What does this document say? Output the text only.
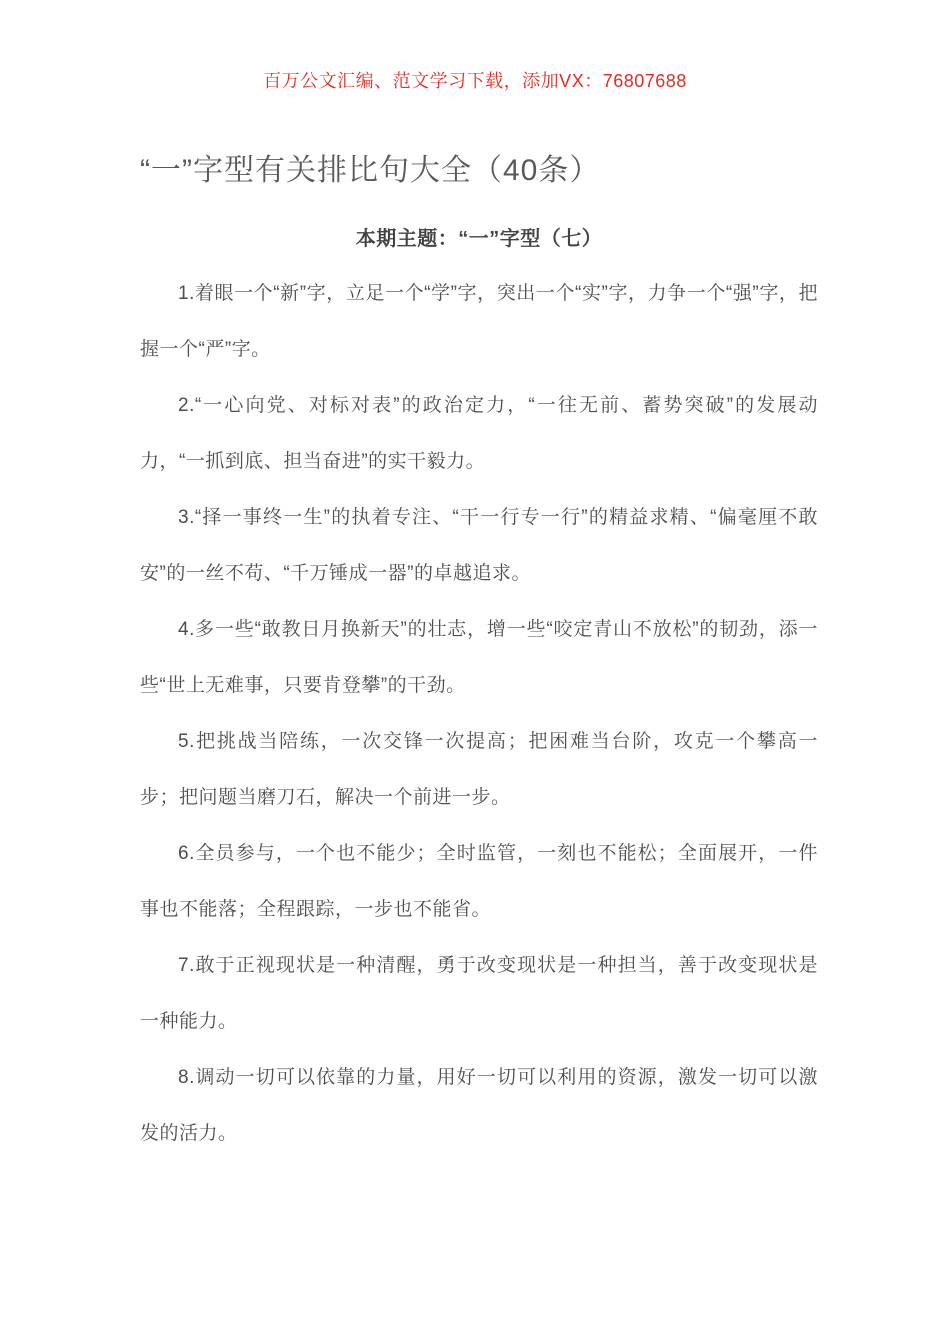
百万公文汇编、范文学习下载，添加VX：76807688
“一”字型有关排比句大全（40条）
本期主题：“一”字型（七）

1.着眼一个“新”字，立足一个“学”字，突出一个“实”字，力争一个“强”字，把握一个“严”字。

2.“一心向党、对标对表”的政治定力，“一往无前、蓄势突破”的发展动力，“一抓到底、担当奋进”的实干毅力。

3.“择一事终一生”的执着专注、“干一行专一行”的精益求精、“偏毫厘不敢安”的一丝不苟、“千万锤成一器”的卓越追求。

4.多一些“敢教日月换新天”的壮志，增一些“咬定青山不放松”的韧劲，添一些“世上无难事，只要肯登攀”的干劲。

5.把挑战当陪练，一次交锋一次提高；把困难当台阶，攻克一个攀高一步；把问题当磨刀石，解决一个前进一步。

6.全员参与，一个也不能少；全时监管，一刻也不能松；全面展开，一件事也不能落；全程跟踪，一步也不能省。

7.敢于正视现状是一种清醒，勇于改变现状是一种担当，善于改变现状是一种能力。

8.调动一切可以依靠的力量，用好一切可以利用的资源，激发一切可以激发的活力。
